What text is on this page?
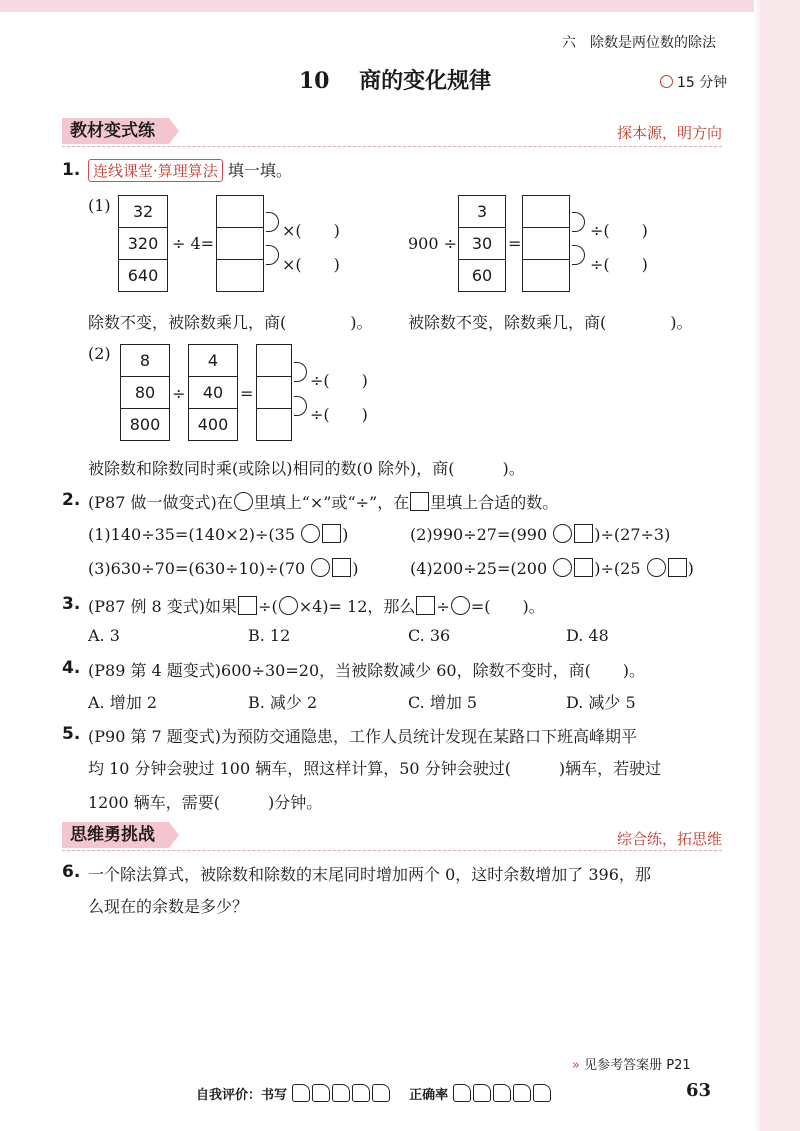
六　除数是两位数的除法
10　 商的变化规律	15 分钟
教材变式练	探本源，明方向
1. 连线课堂·算理算法 填一填。
(1)	32
320
640
÷ 4=
×(　　)
×(　　)
900 ÷
3
30
60
=
÷(　　)
÷(　　)
除数不变，被除数乘几，商(　　　　)。 被除数不变，除数乘几，商(　　　　)。
(2)	8
80
800
÷
4
40
400
=
÷(　　)
÷(　　)
被除数和除数同时乘(或除以)相同的数(0 除外)，商(　　　)。
2. (P87 做一做变式)在 里填上“×”或“÷”，在 里填上合适的数。
(1)140÷35=(140×2)÷(35	)	(2)990÷27=(990	)÷(27÷3)
(3)630÷70=(630÷10)÷(70	)	(4)200÷25=(200	)÷(25	)
3. (P87 例 8 变式)如果 ÷( ×4)= 12，那么 ÷ =(　　)。
A. 3	B. 12	C. 36	D. 48
4. (P89 第 4 题变式)600÷30=20，当被除数减少 60，除数不变时，商(　　)。
A. 增加 2	B. 减少 2	C. 增加 5	D. 减少 5
5. (P90 第 7 题变式)为预防交通隐患，工作人员统计发现在某路口下班高峰期平
均 10 分钟会驶过 100 辆车，照这样计算，50 分钟会驶过(　　　)辆车，若驶过
1200 辆车，需要(　　　)分钟。
思维勇挑战	综合练，拓思维
6. 一个除法算式，被除数和除数的末尾同时增加两个 0，这时余数增加了 396，那
么现在的余数是多少？
» 见参考答案册 P21
自我评价：书写  　	正确率	63
